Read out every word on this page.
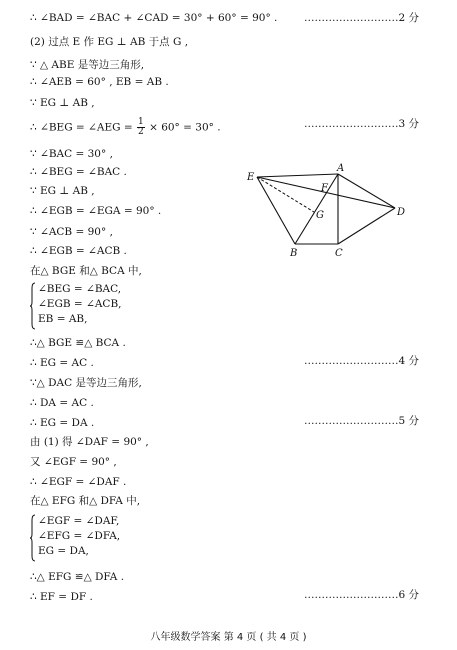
∴ ∠BAD = ∠BAC + ∠CAD = 30° + 60° = 90° .
(2) 过点 E 作 EG ⊥ AB 于点 G ,
∵ △ ABE 是等边三角形,
∴ ∠AEB = 60° , EB = AB .
∵ EG ⊥ AB ,
∴ ∠BEG = ∠AEG = $\frac{1}{2} \times 60^\circ = 30^\circ$ .
∵ ∠BAC = 30° ,
∴ ∠BEG = ∠BAC .
∵ EG ⊥ AB ,
∴ ∠EGB = ∠EGA = 90° .
∵ ∠ACB = 90° ,
∴ ∠EGB = ∠ACB .
在△ BGE 和△ BCA 中,
∠BEG = ∠BAC,
∠EGB = ∠ACB,
EB = AB,
∴△ BGE ≌△ BCA .
∴ EG = AC .
∵△ DAC 是等边三角形,
∴ DA = AC .
∴ EG = DA .
由 (1) 得 ∠DAF = 90° ,
又 ∠EGF = 90° ,
∴ ∠EGF = ∠DAF .
在△ EFG 和△ DFA 中,
∠EGF = ∠DAF,
∠EFG = ∠DFA,
EG = DA,
∴△ EFG ≌△ DFA .
∴ EF = DF .
………………………2 分
………………………3 分
………………………4 分
………………………5 分
………………………6 分
E
A
F
G	D
B	C
八年级数学答案 第 4 页 ( 共 4 页 )
